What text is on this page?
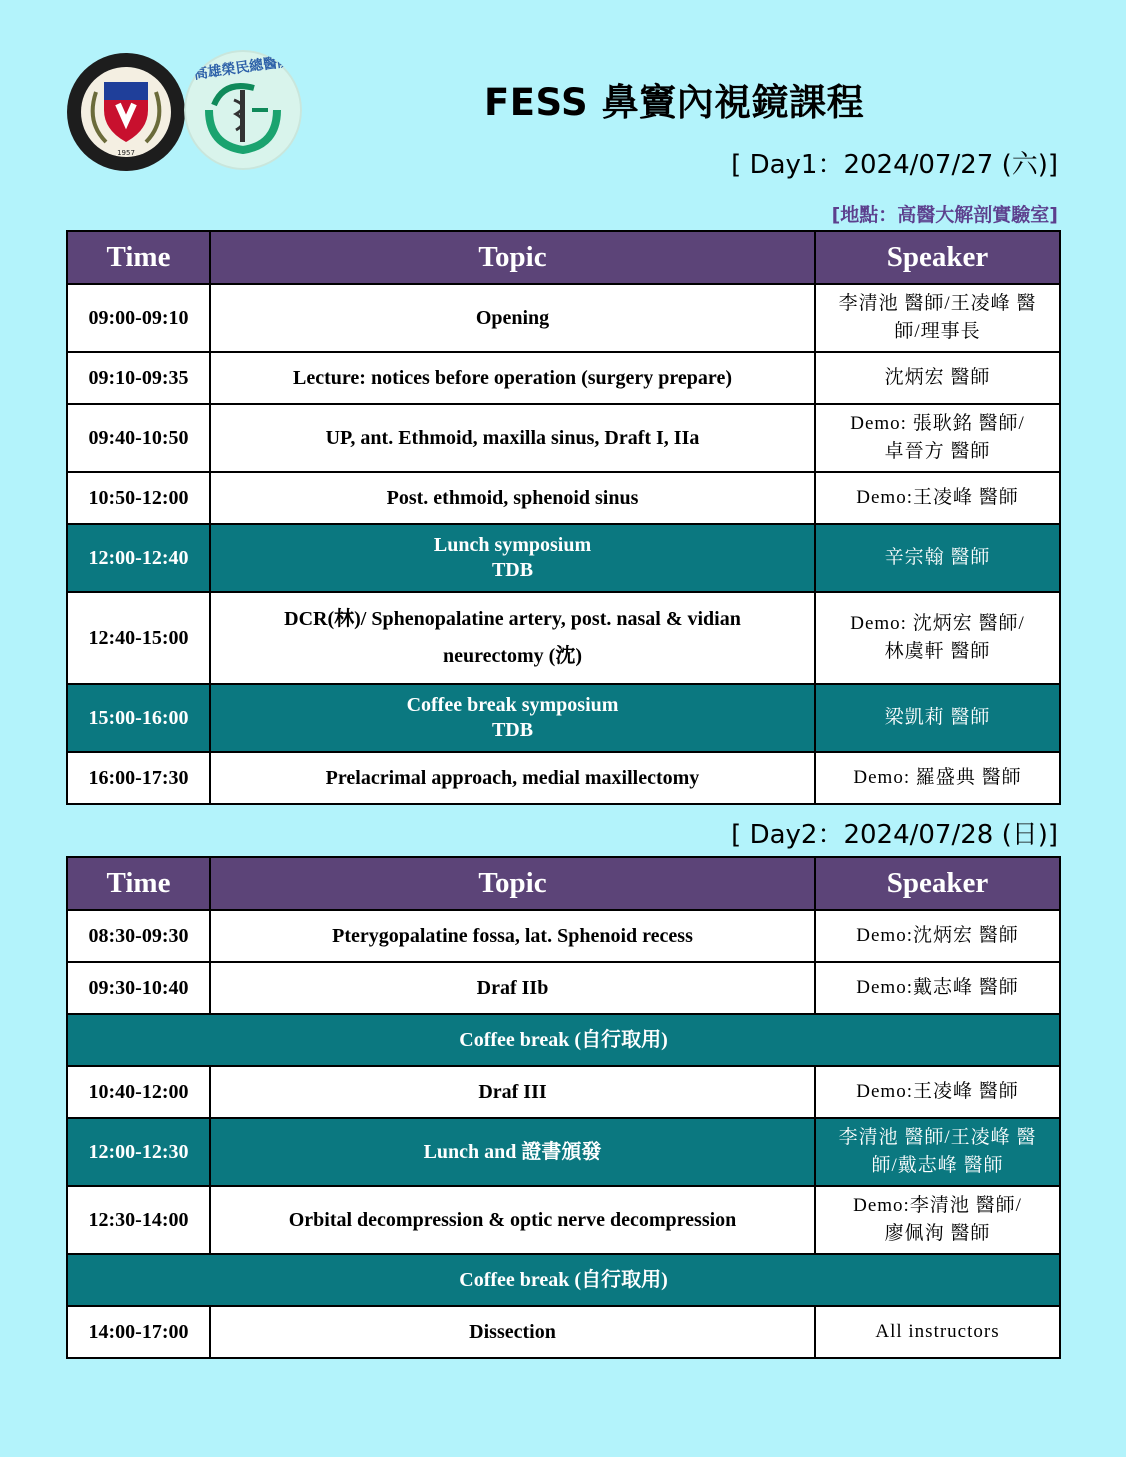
1957
高雄榮民總醫院
FESS 鼻竇內視鏡課程
[ Day1：2024/07/27 (六)]
[地點：高醫大解剖實驗室]
Time	Topic	Speaker
09:00-09:10	Opening	李清池 醫師/王凌峰 醫
師/理事長

09:10-09:35	Lecture: notices before operation (surgery prepare)	沈炳宏 醫師

09:40-10:50	UP, ant. Ethmoid, maxilla sinus, Draft I, IIa	Demo: 張耿銘 醫師/
卓晉方 醫師

10:50-12:00	Post. ethmoid, sphenoid sinus	Demo:王凌峰 醫師

12:00-12:40	Lunch symposium
TDB	辛宗翰 醫師

12:40-15:00	DCR(林)/ Sphenopalatine artery, post. nasal & vidian
neurectomy (沈)	Demo: 沈炳宏 醫師/
林虞軒 醫師

15:00-16:00	Coffee break symposium
TDB	梁凱莉 醫師

16:00-17:30	Prelacrimal approach, medial maxillectomy	Demo: 羅盛典 醫師
[ Day2：2024/07/28 (日)]
Time	Topic	Speaker
08:30-09:30	Pterygopalatine fossa, lat. Sphenoid recess	Demo:沈炳宏 醫師

09:30-10:40	Draf IIb	Demo:戴志峰 醫師

Coffee break (自行取用)		
10:40-12:00	Draf III	Demo:王凌峰 醫師

12:00-12:30	Lunch and 證書頒發	李清池 醫師/王凌峰 醫
師/戴志峰 醫師

12:30-14:00	Orbital decompression & optic nerve decompression	Demo:李清池 醫師/
廖佩洵 醫師

Coffee break (自行取用)		
14:00-17:00	Dissection	All instructors
